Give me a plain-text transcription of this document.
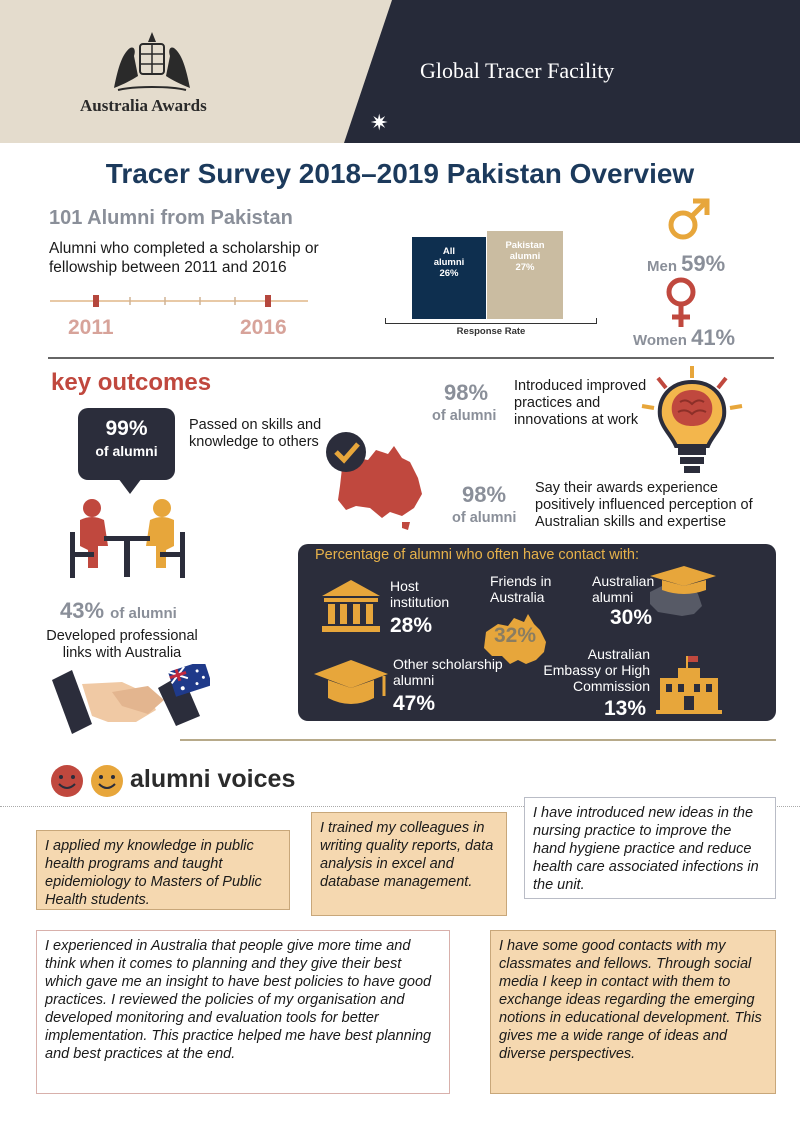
Australia Awards
Global Tracer Facility
✷
Tracer Survey 2018–2019 Pakistan Overview
101 Alumni from Pakistan
Alumni who completed a scholarship or fellowship between 2011 and 2016
2011	2016
All
alumni
26%
Pakistan
alumni
27%
Response Rate
Men 59%
Women 41%
key outcomes
99%
of alumni
Passed on skills and knowledge to others
43% of alumni
Developed professional links with Australia
98%
of alumni
Introduced improved practices and innovations at work
98%
of alumni
Say their awards experience positively influenced perception of Australian skills and expertise
Percentage of alumni who often have contact with:
Host institution
28%
Friends in Australia
32%
Australian alumni
30%
Other scholarship alumni
47%
Australian Embassy or High Commission
13%
alumni voices
I applied my knowledge in public health programs and taught epidemiology to Masters of Public Health students.
I trained my colleagues in writing quality reports, data analysis in excel and database management.
I have introduced new ideas in the nursing practice to improve the hand hygiene practice and reduce health care associated infections in the unit.
I experienced in Australia that people give more time and think when it comes to planning and they give their best which gave me an insight to have best policies to have good practices. I reviewed the policies of my organisation and developed monitoring and evaluation tools for better implementation. This practice helped me have best planning and best practices at the end.
I have some good contacts with my classmates and fellows. Through social media I keep in contact with them to exchange ideas regarding the emerging notions in educational development. This gives me a wide range of ideas and diverse perspectives.
